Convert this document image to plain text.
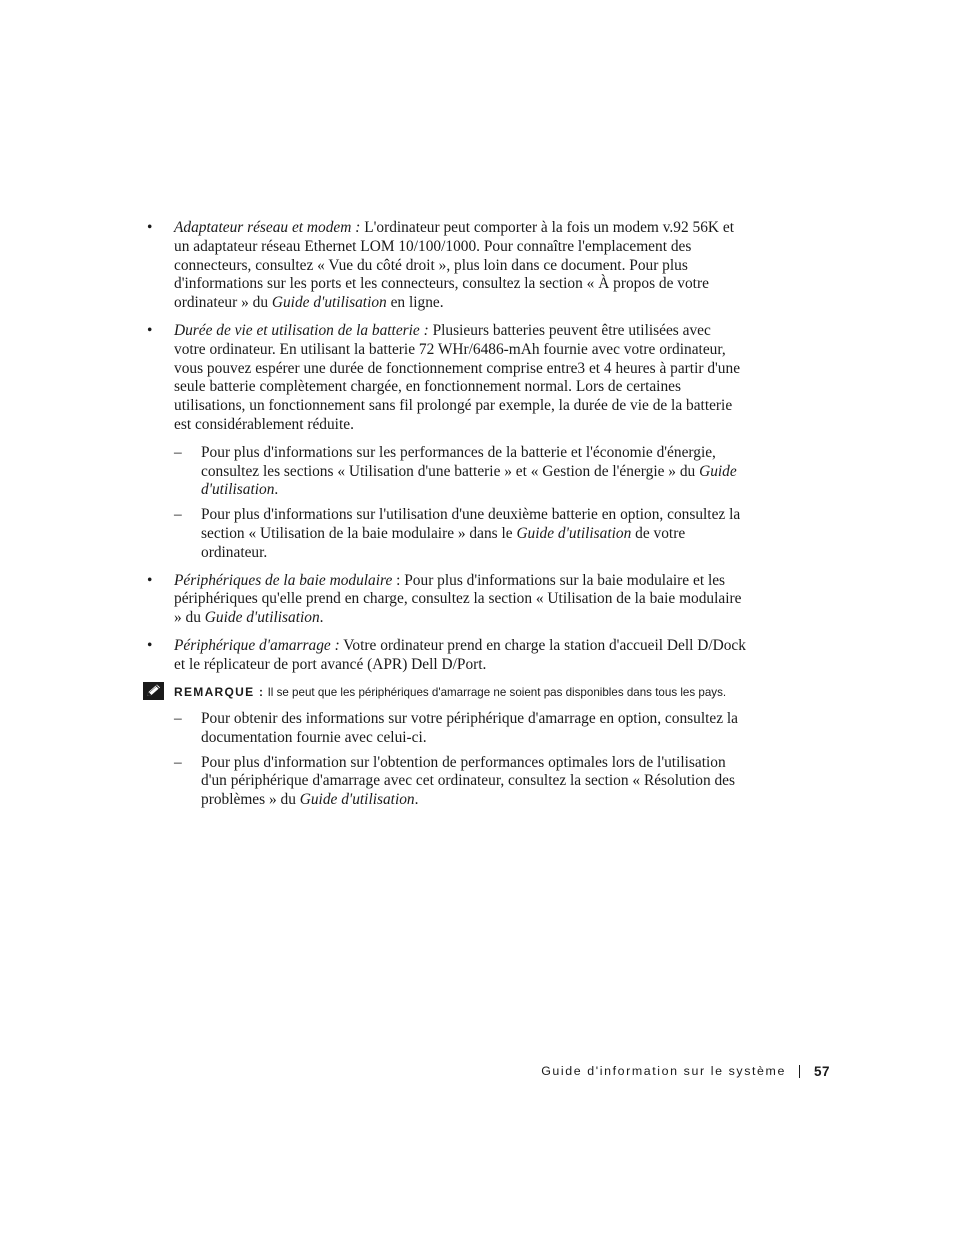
• Adaptateur réseau et modem : L'ordinateur peut comporter à la fois un modem v.92 56K et un adaptateur réseau Ethernet LOM 10/100/1000. Pour connaître l'emplacement des connecteurs, consultez « Vue du côté droit », plus loin dans ce document. Pour plus d'informations sur les ports et les connecteurs, consultez la section « À propos de votre ordinateur » du Guide d'utilisation en ligne.
• Durée de vie et utilisation de la batterie : Plusieurs batteries peuvent être utilisées avec votre ordinateur. En utilisant la batterie 72 WHr/6486-mAh fournie avec votre ordinateur, vous pouvez espérer une durée de fonctionnement comprise entre3 et 4 heures à partir d'une seule batterie complètement chargée, en fonctionnement normal. Lors de certaines utilisations, un fonctionnement sans fil prolongé par exemple, la durée de vie de la batterie est considérablement réduite.
– Pour plus d'informations sur les performances de la batterie et l'économie d'énergie, consultez les sections « Utilisation d'une batterie » et « Gestion de l'énergie » du Guide d'utilisation.
– Pour plus d'informations sur l'utilisation d'une deuxième batterie en option, consultez la section « Utilisation de la baie modulaire » dans le Guide d'utilisation de votre ordinateur.
• Périphériques de la baie modulaire : Pour plus d'informations sur la baie modulaire et les périphériques qu'elle prend en charge, consultez la section « Utilisation de la baie modulaire » du Guide d'utilisation.
• Périphérique d'amarrage : Votre ordinateur prend en charge la station d'accueil Dell D/Dock et le réplicateur de port avancé (APR) Dell D/Port.
REMARQUE : Il se peut que les périphériques d'amarrage ne soient pas disponibles dans tous les pays.
– Pour obtenir des informations sur votre périphérique d'amarrage en option, consultez la documentation fournie avec celui-ci.
– Pour plus d'information sur l'obtention de performances optimales lors de l'utilisation d'un périphérique d'amarrage avec cet ordinateur, consultez la section « Résolution des problèmes » du Guide d'utilisation.
Guide d'information sur le système 57
